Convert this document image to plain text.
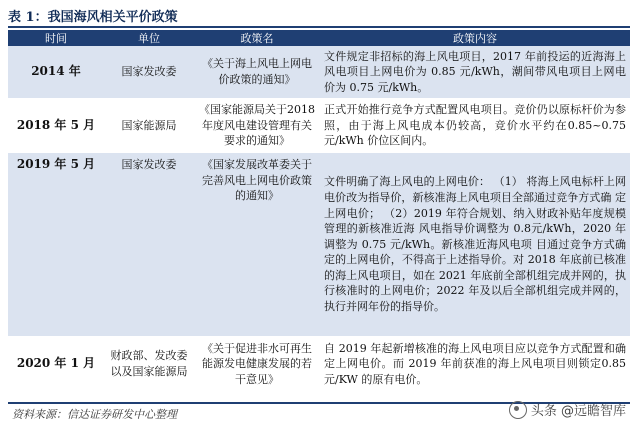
表 1：我国海风相关平价政策
时间	单位	政策名	政策内容
2014 年	国家发改委	《关于海上风电上网电价政策的通知》	文件规定非招标的海上风电项目，2017 年前投运的近海海上风电项目上网电价为 0.85 元/kWh，潮间带风电项目上网电价为 0.75 元/kWh。
2018 年 5 月	国家能源局	《国家能源局关于2018 年度风电建设管理有关要求的通知》	正式开始推行竞争方式配置风电项目。竞价仍以原标杆价为参照，由于海上风电成本仍较高，竞价水平约在0.85~0.75 元/kWh 价位区间内。
2019 年 5 月	国家发改委	《国家发展改革委关于完善风电上网电价政策的通知》	文件明确了海上风电的上网电价： （1） 将海上风电标杆上网电价改为指导价，新核准海上风电项目全部通过竞争方式确 定上网电价； （2）2019 年符合规划、纳入财政补贴年度规模管理的新核准近海 风电指导价调整为 0.8元/kWh，2020 年调整为 0.75 元/kWh。新核准近海风电项 目通过竞争方式确定的上网电价，不得高于上述指导价。对 2018 年底前已核准 的海上风电项目，如在 2021 年底前全部机组完成并网的，执行核准时的上网电价；2022 年及以后全部机组完成并网的，执行并网年份的指导价。
2020 年 1 月	财政部、发改委以及国家能源局	《关于促进非水可再生能源发电健康发展的若干意见》	自 2019 年起新增核准的海上风电项目应以竞争方式配置和确定上网电价。而 2019 年前获准的海上风电项目则锁定0.85 元/KW 的原有电价。
资料来源：信达证券研发中心整理	头条 @远瞻智库
